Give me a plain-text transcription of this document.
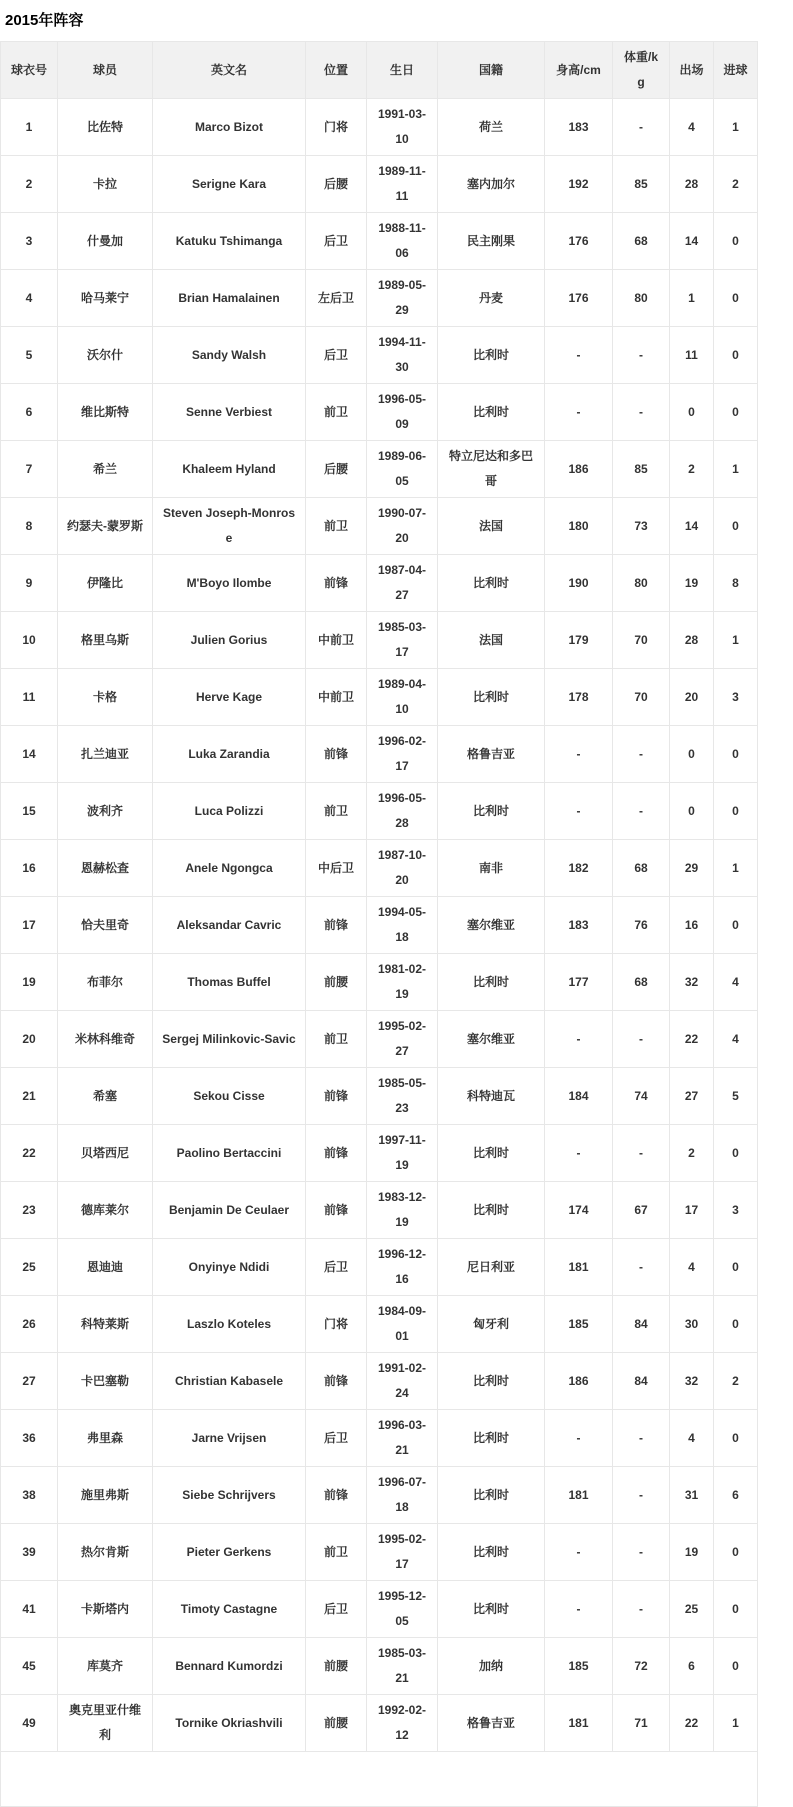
2015年阵容
球衣号	球员	英文名	位置	生日	国籍	身高/cm	体重/kg	出场	进球
1	比佐特	Marco Bizot	门将	1991-03-10	荷兰	183	-	4	1
2	卡拉	Serigne Kara	后腰	1989-11-11	塞内加尔	192	85	28	2
3	什曼加	Katuku Tshimanga	后卫	1988-11-06	民主刚果	176	68	14	0
4	哈马莱宁	Brian Hamalainen	左后卫	1989-05-29	丹麦	176	80	1	0
5	沃尔什	Sandy Walsh	后卫	1994-11-30	比利时	-	-	11	0
6	维比斯特	Senne Verbiest	前卫	1996-05-09	比利时	-	-	0	0
7	希兰	Khaleem Hyland	后腰	1989-06-05	特立尼达和多巴哥	186	85	2	1
8	约瑟夫-蒙罗斯	Steven Joseph-Monrose	前卫	1990-07-20	法国	180	73	14	0
9	伊隆比	M'Boyo Ilombe	前锋	1987-04-27	比利时	190	80	19	8
10	格里乌斯	Julien Gorius	中前卫	1985-03-17	法国	179	70	28	1
11	卡格	Herve Kage	中前卫	1989-04-10	比利时	178	70	20	3
14	扎兰迪亚	Luka Zarandia	前锋	1996-02-17	格鲁吉亚	-	-	0	0
15	波利齐	Luca Polizzi	前卫	1996-05-28	比利时	-	-	0	0
16	恩赫松查	Anele Ngongca	中后卫	1987-10-20	南非	182	68	29	1
17	恰夫里奇	Aleksandar Cavric	前锋	1994-05-18	塞尔维亚	183	76	16	0
19	布菲尔	Thomas Buffel	前腰	1981-02-19	比利时	177	68	32	4
20	米林科维奇	Sergej Milinkovic-Savic	前卫	1995-02-27	塞尔维亚	-	-	22	4
21	希塞	Sekou Cisse	前锋	1985-05-23	科特迪瓦	184	74	27	5
22	贝塔西尼	Paolino Bertaccini	前锋	1997-11-19	比利时	-	-	2	0
23	德库莱尔	Benjamin De Ceulaer	前锋	1983-12-19	比利时	174	67	17	3
25	恩迪迪	Onyinye Ndidi	后卫	1996-12-16	尼日利亚	181	-	4	0
26	科特莱斯	Laszlo Koteles	门将	1984-09-01	匈牙利	185	84	30	0
27	卡巴塞勒	Christian Kabasele	前锋	1991-02-24	比利时	186	84	32	2
36	弗里森	Jarne Vrijsen	后卫	1996-03-21	比利时	-	-	4	0
38	施里弗斯	Siebe Schrijvers	前锋	1996-07-18	比利时	181	-	31	6
39	热尔肯斯	Pieter Gerkens	前卫	1995-02-17	比利时	-	-	19	0
41	卡斯塔内	Timoty Castagne	后卫	1995-12-05	比利时	-	-	25	0
45	库莫齐	Bennard Kumordzi	前腰	1985-03-21	加纳	185	72	6	0
49	奥克里亚什维利	Tornike Okriashvili	前腰	1992-02-12	格鲁吉亚	181	71	22	1
